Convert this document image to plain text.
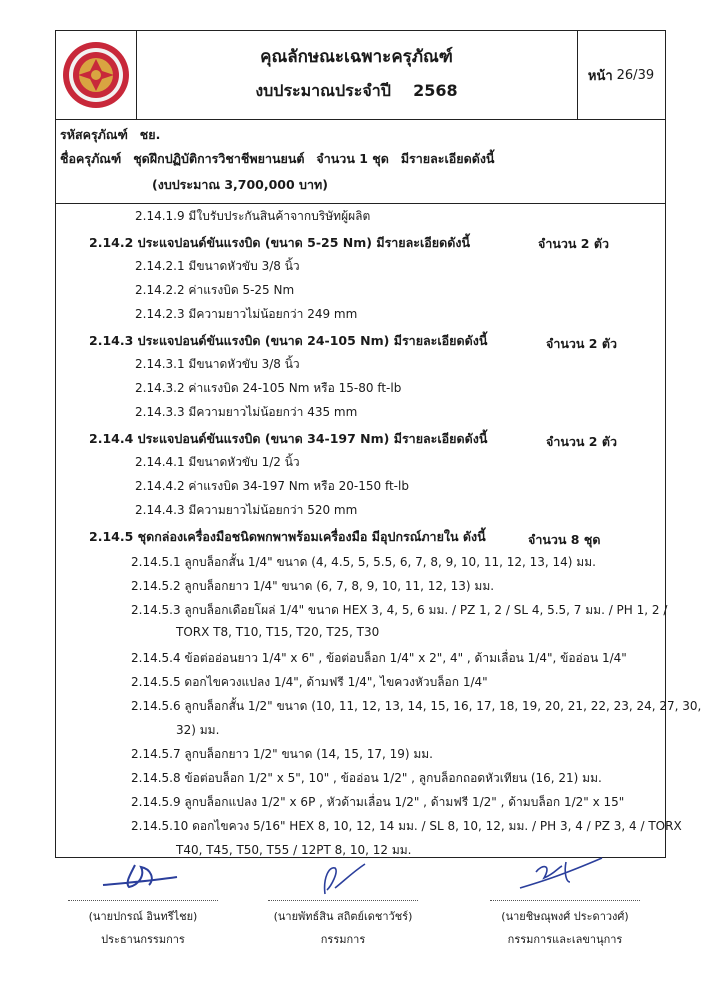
คุณลักษณะเฉพาะครุภัณฑ์
งบประมาณประจำปี 2568
หน้า 26/39
รหัสครุภัณฑ์ ชย.
ชื่อครุภัณฑ์ ชุดฝึกปฏิบัติการวิชาชีพยานยนต์ จำนวน 1 ชุด มีรายละเอียดดังนี้
(งบประมาณ 3,700,000 บาท)
2.14.1.9 มีใบรับประกันสินค้าจากบริษัทผู้ผลิต
2.14.2 ประแจปอนด์ขันแรงบิด (ขนาด 5-25 Nm) มีรายละเอียดดังนี้	จำนวน 2 ตัว
2.14.2.1 มีขนาดหัวขับ 3/8 นิ้ว
2.14.2.2 ค่าแรงบิด 5-25 Nm
2.14.2.3 มีความยาวไม่น้อยกว่า 249 mm
2.14.3 ประแจปอนด์ขันแรงบิด (ขนาด 24-105 Nm) มีรายละเอียดดังนี้	จำนวน 2 ตัว
2.14.3.1 มีขนาดหัวขับ 3/8 นิ้ว
2.14.3.2 ค่าแรงบิด 24-105 Nm หรือ 15-80 ft-lb
2.14.3.3 มีความยาวไม่น้อยกว่า 435 mm
2.14.4 ประแจปอนด์ขันแรงบิด (ขนาด 34-197 Nm) มีรายละเอียดดังนี้	จำนวน 2 ตัว
2.14.4.1 มีขนาดหัวขับ 1/2 นิ้ว
2.14.4.2 ค่าแรงบิด 34-197 Nm หรือ 20-150 ft-lb
2.14.4.3 มีความยาวไม่น้อยกว่า 520 mm
2.14.5 ชุดกล่องเครื่องมือชนิดพกพาพร้อมเครื่องมือ มีอุปกรณ์ภายใน ดังนี้	จำนวน 8 ชุด
2.14.5.1 ลูกบล็อกสั้น 1/4" ขนาด (4, 4.5, 5, 5.5, 6, 7, 8, 9, 10, 11, 12, 13, 14) มม.
2.14.5.2 ลูกบล็อกยาว 1/4" ขนาด (6, 7, 8, 9, 10, 11, 12, 13) มม.
2.14.5.3 ลูกบล็อกเดือยโผล่ 1/4" ขนาด HEX 3, 4, 5, 6 มม. / PZ 1, 2 / SL 4, 5.5, 7 มม. / PH 1, 2 /
TORX T8, T10, T15, T20, T25, T30
2.14.5.4 ข้อต่ออ่อนยาว 1/4" x 6" , ข้อต่อบล็อก 1/4" x 2", 4" , ด้ามเลื่อน 1/4", ข้ออ่อน 1/4"
2.14.5.5 ดอกไขควงแปลง 1/4", ด้ามฟรี 1/4", ไขควงหัวบล็อก 1/4"
2.14.5.6 ลูกบล็อกสั้น 1/2" ขนาด (10, 11, 12, 13, 14, 15, 16, 17, 18, 19, 20, 21, 22, 23, 24, 27, 30,
32) มม.
2.14.5.7 ลูกบล็อกยาว 1/2" ขนาด (14, 15, 17, 19) มม.
2.14.5.8 ข้อต่อบล็อก 1/2" x 5", 10" , ข้ออ่อน 1/2" , ลูกบล็อกถอดหัวเทียน (16, 21) มม.
2.14.5.9 ลูกบล็อกแปลง 1/2" x 6P , หัวด้ามเลื่อน 1/2" , ด้ามฟรี 1/2" , ด้ามบล็อก 1/2" x 15"
2.14.5.10 ดอกไขควง 5/16" HEX 8, 10, 12, 14 มม. / SL 8, 10, 12, มม. / PH 3, 4 / PZ 3, 4 / TORX
T40, T45, T50, T55 / 12PT 8, 10, 12 มม.
(นายปกรณ์ อินทรีไชย)
ประธานกรรมการ
(นายพัทธ์สิน สถิตย์เดชาวัชร์)
กรรมการ
(นายชิษณุพงศ์ ประดาวงศ์)
กรรมการและเลขานุการ
